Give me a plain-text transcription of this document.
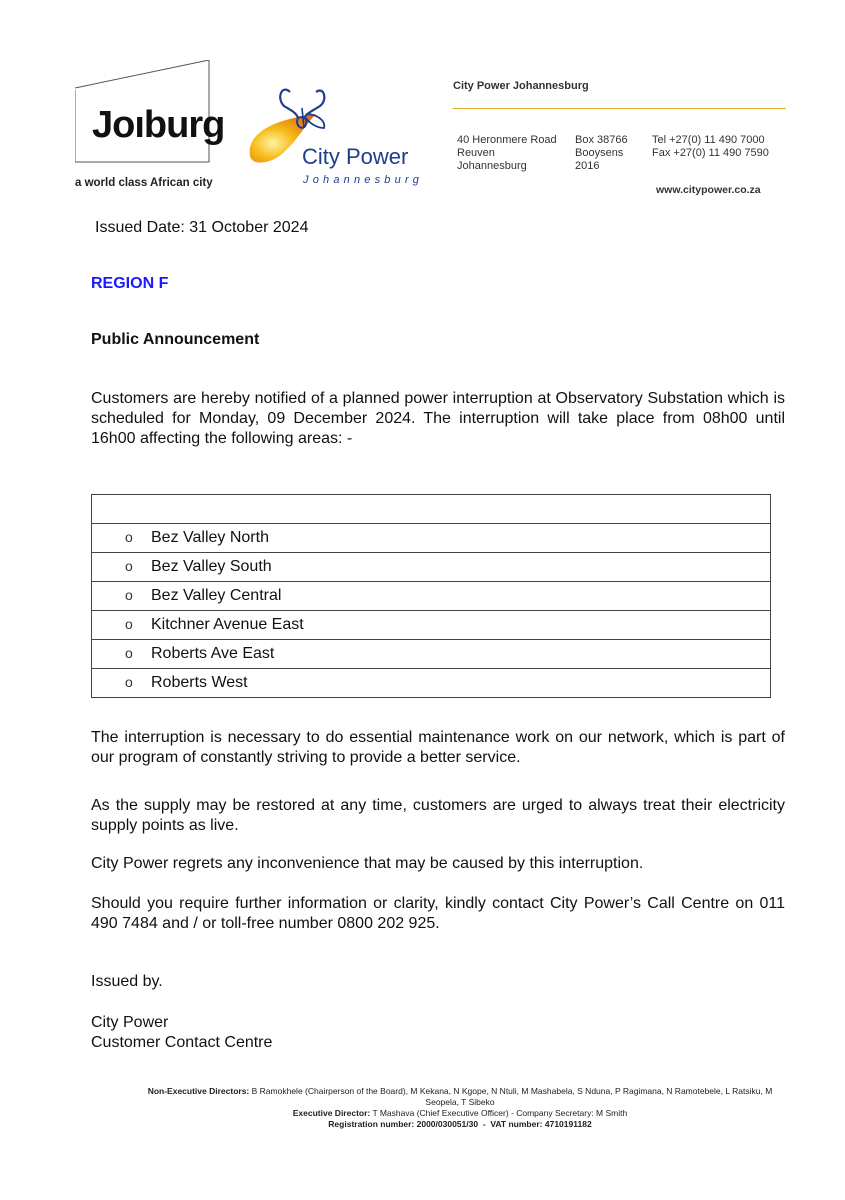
Joıburg
a world class African city
City Power
Johannesburg
City Power Johannesburg
40 Heronmere Road
Reuven
Johannesburg
Box 38766
Booysens
2016
Tel +27(0) 11 490 7000
Fax +27(0) 11 490 7590
www.citypower.co.za
Issued Date: 31 October 2024
REGION F
Public Announcement
Customers are hereby notified of a planned power interruption at Observatory Substation which is scheduled for Monday, 09 December 2024. The interruption will take place from 08h00 until 16h00 affecting the following areas: -

o Bez Valley North
o Bez Valley South
o Bez Valley Central
o Kitchner Avenue East
o Roberts Ave East
o Roberts West
The interruption is necessary to do essential maintenance work on our network, which is part of our program of constantly striving to provide a better service.
As the supply may be restored at any time, customers are urged to always treat their electricity supply points as live.
City Power regrets any inconvenience that may be caused by this interruption.
Should you require further information or clarity, kindly contact City Power’s Call Centre on 011 490 7484 and / or toll-free number 0800 202 925.
Issued by.
City Power
Customer Contact Centre
Non-Executive Directors: B Ramokhele (Chairperson of the Board), M Kekana, N Kgope, N Ntuli, M Mashabela, S Nduna, P Ragimana, N Ramotebele, L Ratsiku, M Seopela, T Sibeko
Executive Director: T Mashava (Chief Executive Officer) - Company Secretary: M Smith
Registration number: 2000/030051/30 - VAT number: 4710191182
